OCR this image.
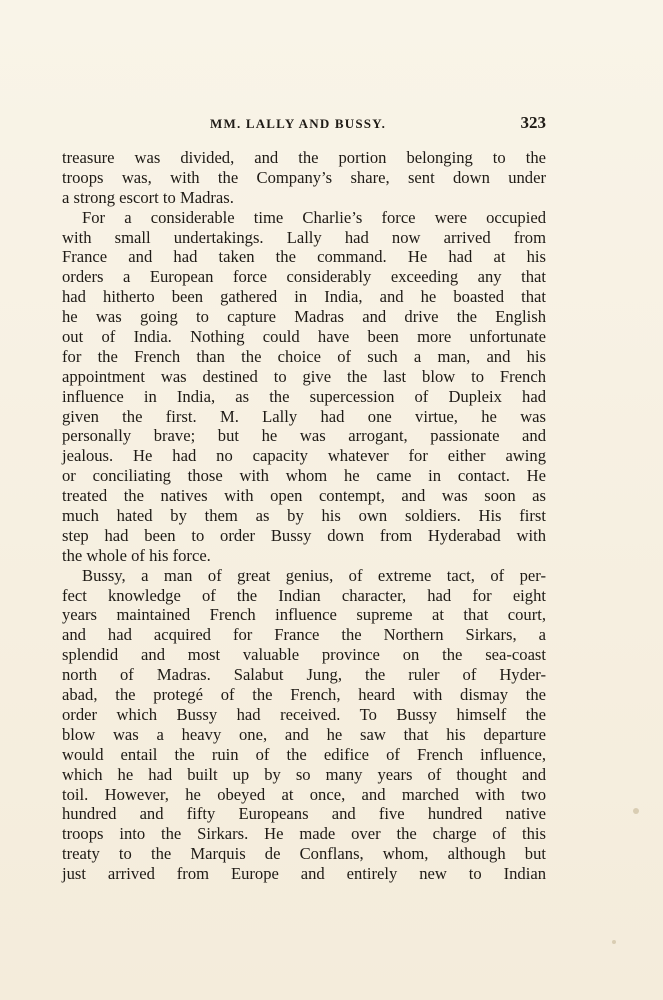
MM. LALLY AND BUSSY.	323
treasure was divided, and the portion belonging to the
troops was, with the Company’s share, sent down under
a strong escort to Madras.
For a considerable time Charlie’s force were occupied
with small undertakings. Lally had now arrived from
France and had taken the command. He had at his
orders a European force considerably exceeding any that
had hitherto been gathered in India, and he boasted that
he was going to capture Madras and drive the English
out of India. Nothing could have been more unfortunate
for the French than the choice of such a man, and his
appointment was destined to give the last blow to French
influence in India, as the supercession of Dupleix had
given the first. M. Lally had one virtue, he was
personally brave; but he was arrogant, passionate and
jealous. He had no capacity whatever for either awing
or conciliating those with whom he came in contact. He
treated the natives with open contempt, and was soon as
much hated by them as by his own soldiers. His first
step had been to order Bussy down from Hyderabad with
the whole of his force.
Bussy, a man of great genius, of extreme tact, of per-
fect knowledge of the Indian character, had for eight
years maintained French influence supreme at that court,
and had acquired for France the Northern Sirkars, a
splendid and most valuable province on the sea-coast
north of Madras. Salabut Jung, the ruler of Hyder-
abad, the protegé of the French, heard with dismay the
order which Bussy had received. To Bussy himself the
blow was a heavy one, and he saw that his departure
would entail the ruin of the edifice of French influence,
which he had built up by so many years of thought and
toil. However, he obeyed at once, and marched with two
hundred and fifty Europeans and five hundred native
troops into the Sirkars. He made over the charge of this
treaty to the Marquis de Conflans, whom, although but
just arrived from Europe and entirely new to Indian
